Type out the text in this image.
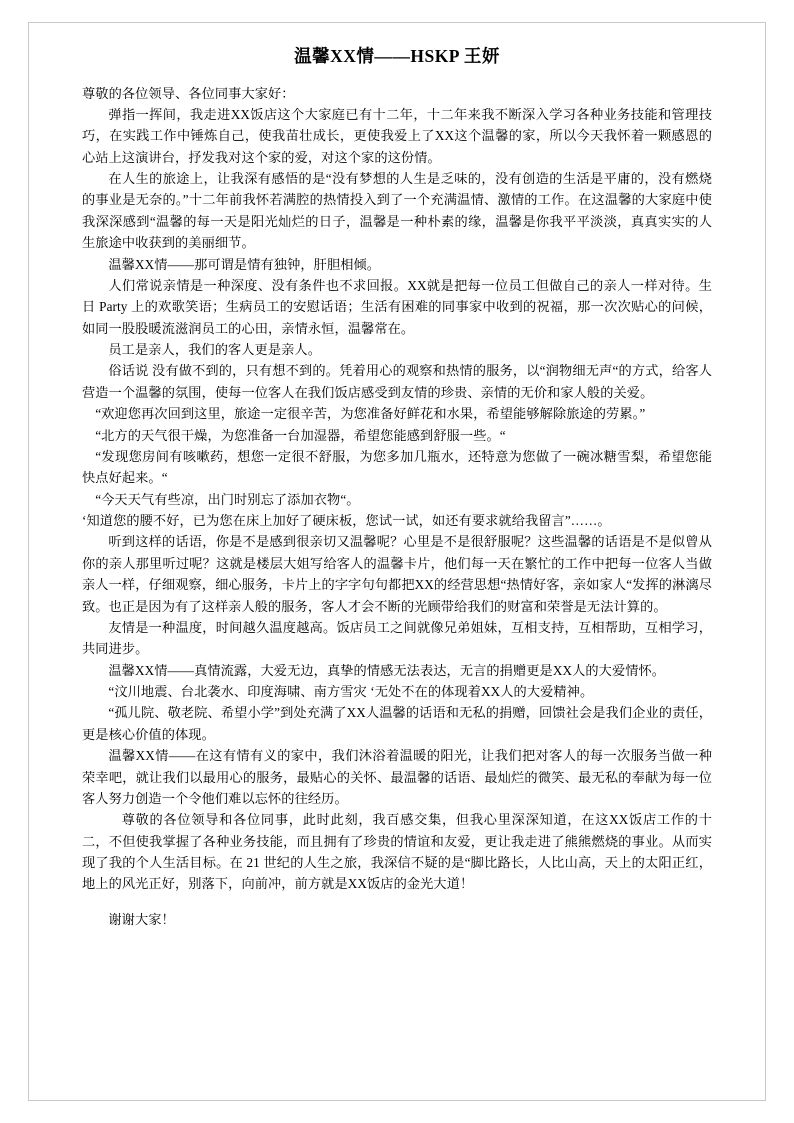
温馨XX情——HSKP 王妍

尊敬的各位领导、各位同事大家好：

弹指一挥间，我走进XX饭店这个大家庭已有十二年，十二年来我不断深入学习各种业务技能和管理技巧，在实践工作中锤炼自己，使我苗壮成长，更使我爱上了XX这个温馨的家，所以今天我怀着一颗感恩的心站上这演讲台，抒发我对这个家的爱，对这个家的这份情。

在人生的旅途上，让我深有感悟的是“没有梦想的人生是乏味的，没有创造的生活是平庸的，没有燃烧的事业是无奈的。”十二年前我怀若满腔的热情投入到了一个充满温情、激情的工作。在这温馨的大家庭中使我深深感到“温馨的每一天是阳光灿烂的日子，温馨是一种朴素的缘，温馨是你我平平淡淡，真真实实的人生旅途中收获到的美丽细节。

温馨XX情——那可谓是情有独钟，肝胆相倾。

人们常说亲情是一种深度、没有条件也不求回报。XX就是把每一位员工但做自己的亲人一样对待。生日 Party 上的欢歌笑语；生病员工的安慰话语；生活有困难的同事家中收到的祝福，那一次次贴心的问候，如同一股股暖流滋润员工的心田，亲情永恒，温馨常在。

员工是亲人，我们的客人更是亲人。

俗话说 没有做不到的，只有想不到的。凭着用心的观察和热情的服务，以“润物细无声“的方式，给客人营造一个温馨的氛围，使每一位客人在我们饭店感受到友情的珍贵、亲情的无价和家人般的关爱。

“欢迎您再次回到这里，旅途一定很辛苦，为您准备好鲜花和水果，希望能够解除旅途的劳累。”

“北方的天气很干燥，为您准备一台加湿器，希望您能感到舒服一些。“

“发现您房间有咳嗽药，想您一定很不舒服，为您多加几瓶水，还特意为您做了一碗冰糖雪梨，希望您能快点好起来。“

“今天天气有些凉，出门时别忘了添加衣物“。

‘知道您的腰不好，已为您在床上加好了硬床板，您试一试，如还有要求就给我留言”……。

听到这样的话语，你是不是感到很亲切又温馨呢？心里是不是很舒服呢？这些温馨的话语是不是似曾从你的亲人那里听过呢？这就是楼层大姐写给客人的温馨卡片，他们每一天在繁忙的工作中把每一位客人当做亲人一样，仔细观察，细心服务，卡片上的字字句句都把XX的经营思想“热情好客，亲如家人“发挥的淋漓尽致。也正是因为有了这样亲人般的服务，客人才会不断的光顾带给我们的财富和荣誉是无法计算的。

友情是一种温度，时间越久温度越高。饭店员工之间就像兄弟姐妹，互相支持，互相帮助，互相学习，共同进步。

温馨XX情——真情流露，大爱无边，真挚的情感无法表达，无言的捐赠更是XX人的大爱情怀。

“汶川地震、台北袭水、印度海啸、南方雪灾 ‘无处不在的体现着XX人的大爱精神。

“孤儿院、敬老院、希望小学”到处充满了XX人温馨的话语和无私的捐赠，回馈社会是我们企业的责任，更是核心价值的体现。

温馨XX情——在这有情有义的家中，我们沐浴着温暖的阳光，让我们把对客人的每一次服务当做一种荣幸吧，就让我们以最用心的服务，最贴心的关怀、最温馨的话语、最灿烂的微笑、最无私的奉献为每一位客人努力创造一个令他们难以忘怀的往经历。

尊敬的各位领导和各位同事，此时此刻，我百感交集，但我心里深深知道，在这XX饭店工作的十二，不但使我掌握了各种业务技能，而且拥有了珍贵的情谊和友爱，更让我走进了熊熊燃烧的事业。从而实现了我的个人生活目标。在 21 世纪的人生之旅，我深信不疑的是“脚比路长，人比山高，天上的太阳正红，地上的风光正好，别落下，向前冲，前方就是XX饭店的金光大道！

谢谢大家！
